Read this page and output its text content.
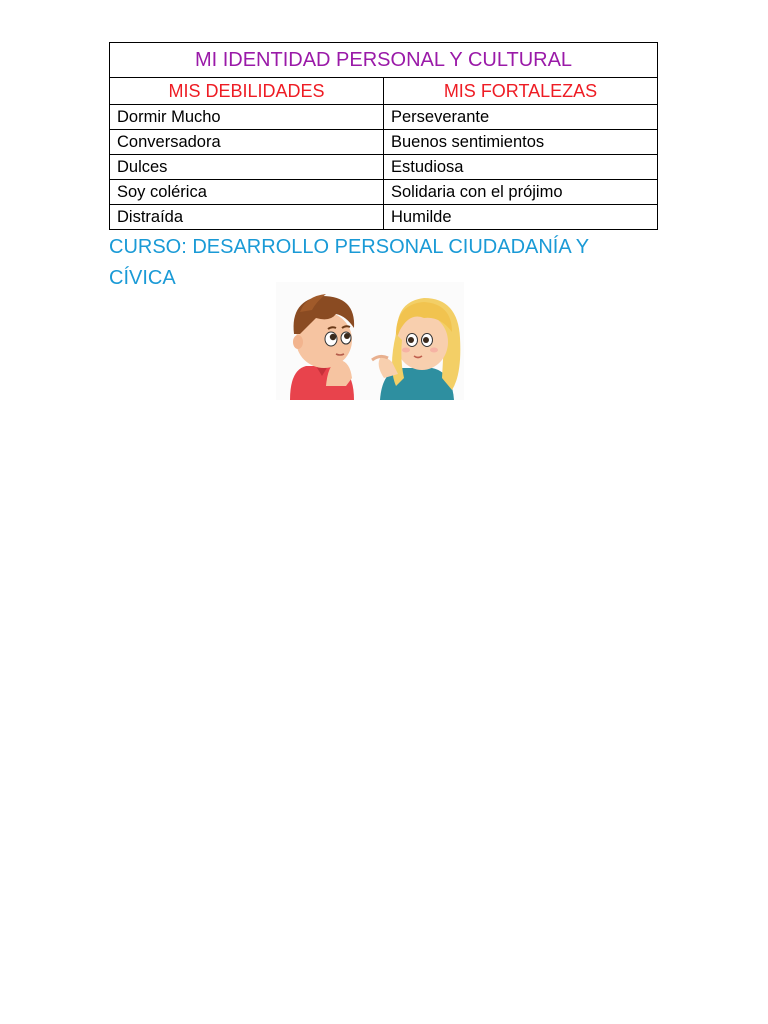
MI IDENTIDAD PERSONAL Y CULTURAL	
MIS DEBILIDADES	MIS FORTALEZAS
Dormir Mucho	Perseverante
Conversadora	Buenos sentimientos
Dulces	Estudiosa
Soy colérica	Solidaria con el prójimo
Distraída	Humilde

CURSO: DESARROLLO PERSONAL CIUDADANÍA Y
CÍVICA
